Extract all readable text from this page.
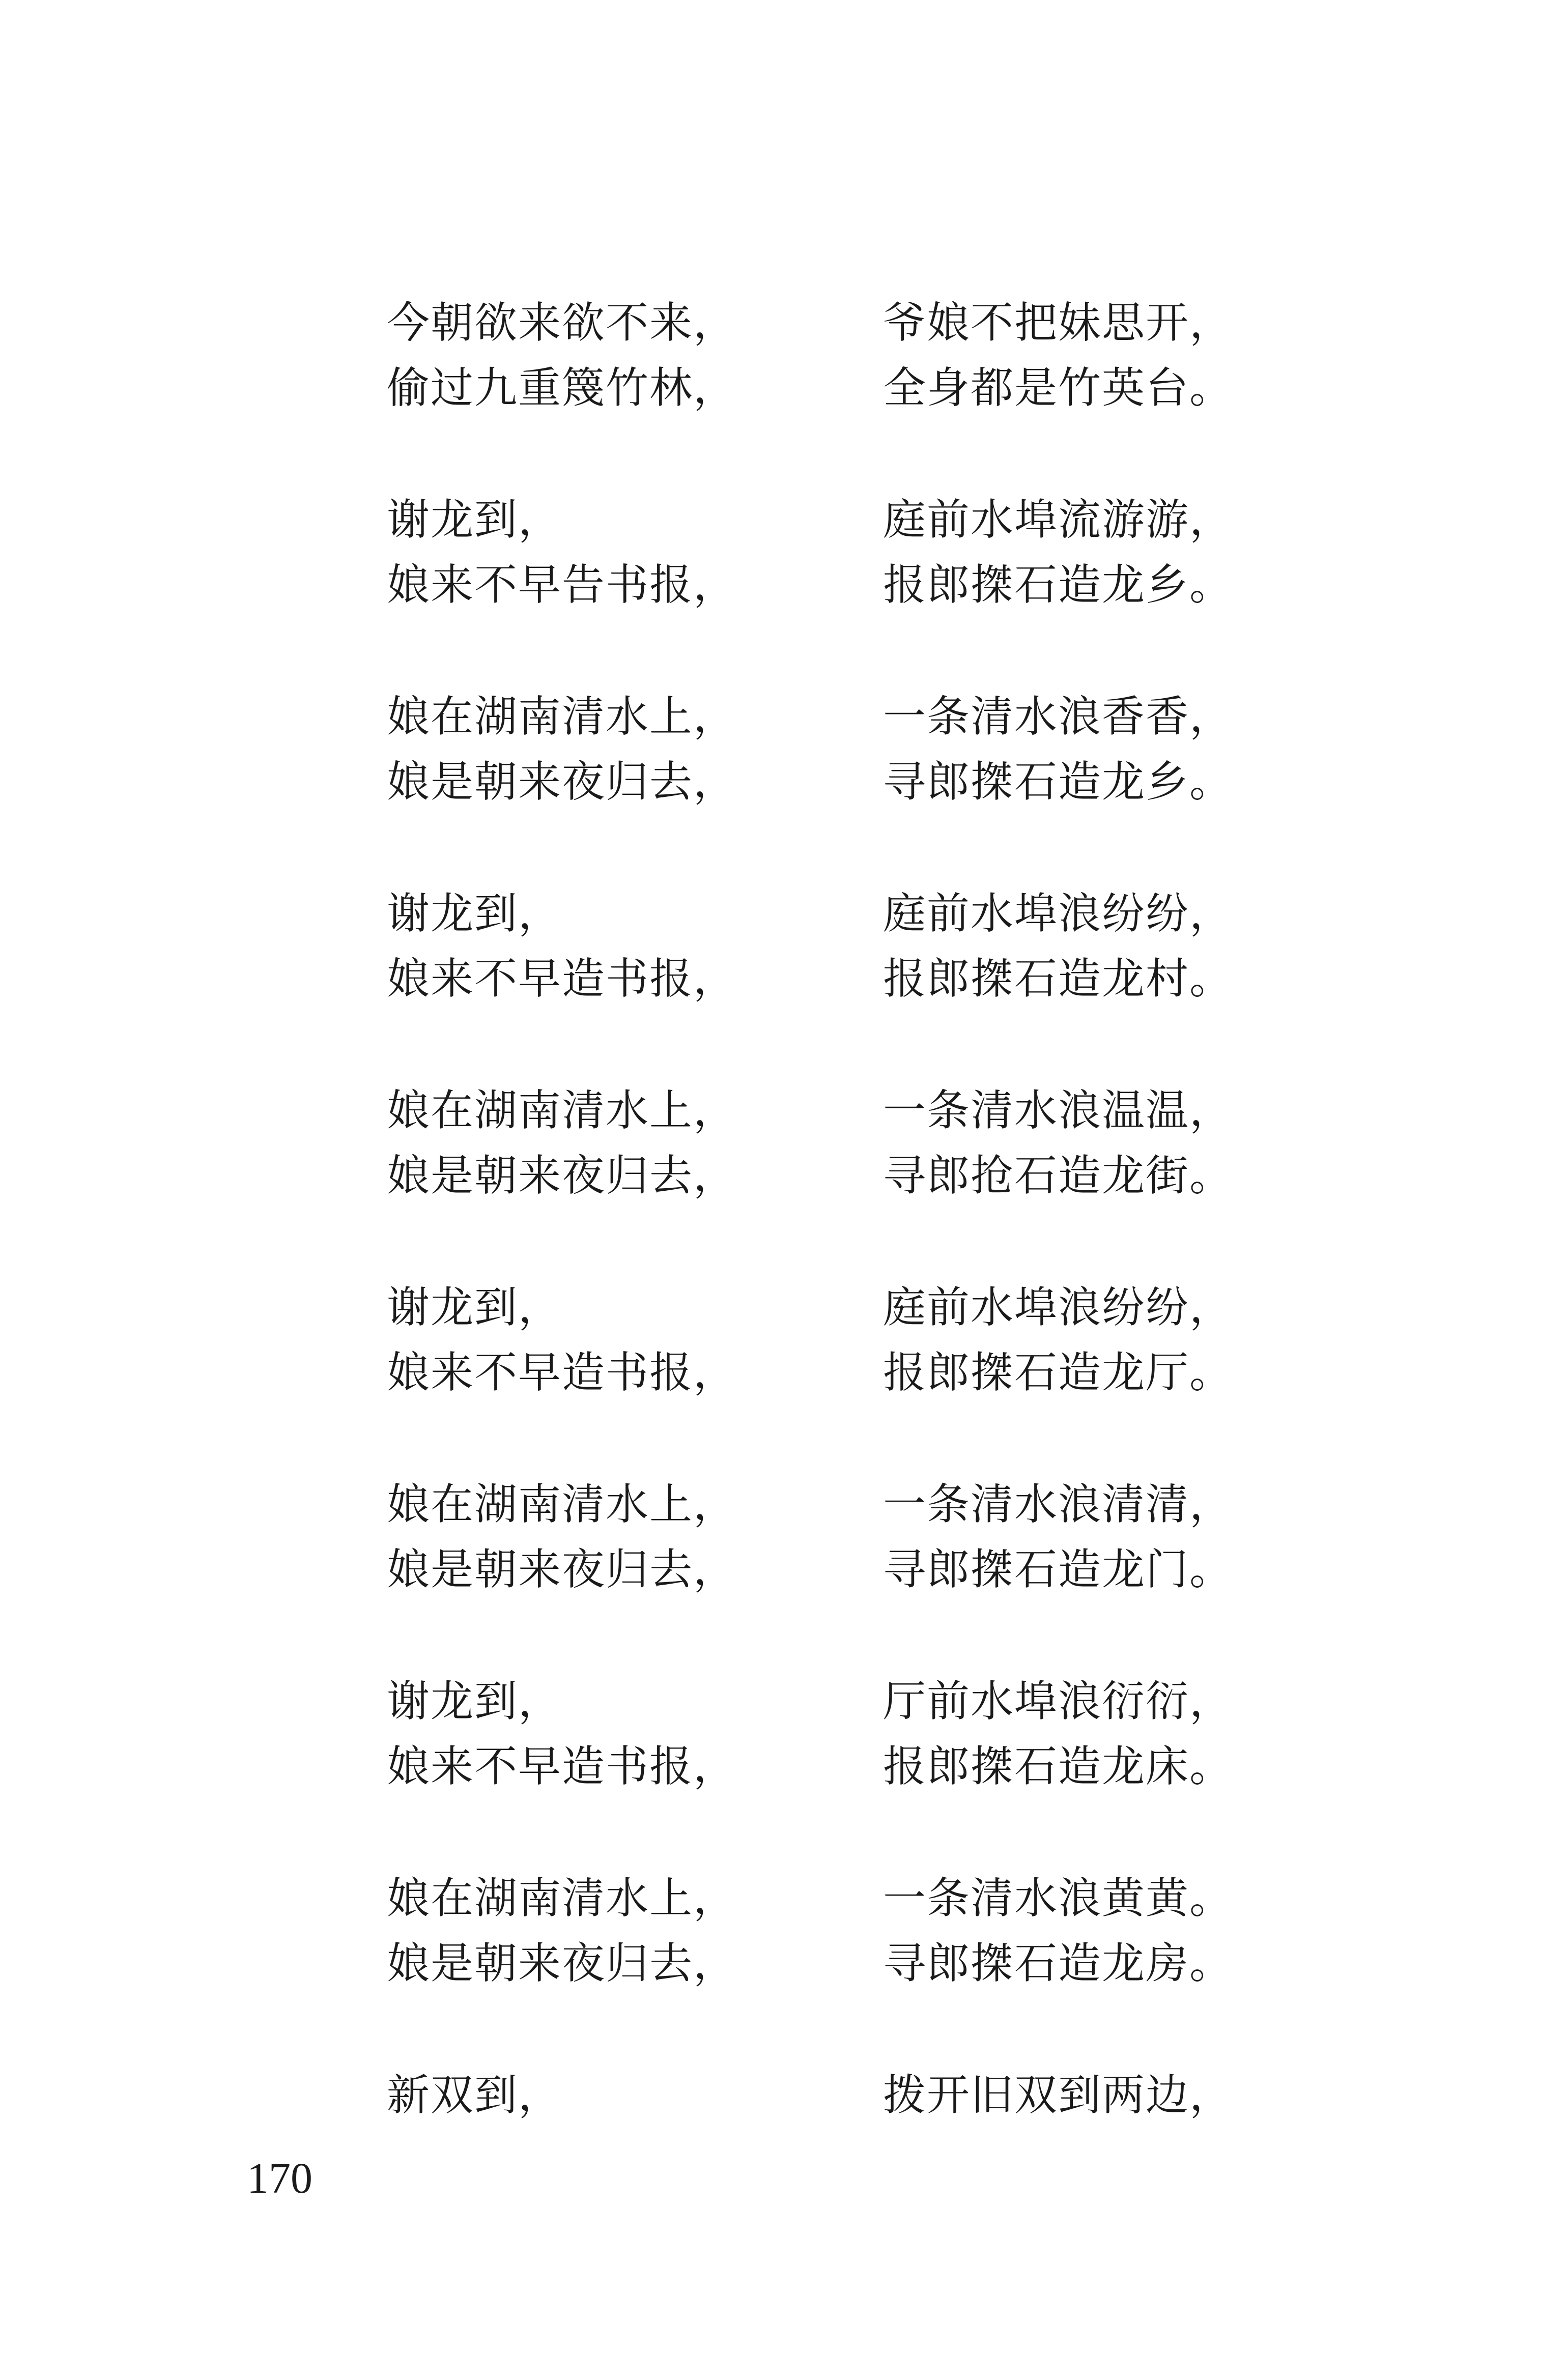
今朝欲来欲不来，	爷娘不把妹思开，
偷过九重篾竹林，	全身都是竹英台。
谢龙到，	庭前水埠流游游，
娘来不早告书报，	报郎搩石造龙乡。
娘在湖南清水上，	一条清水浪香香，
娘是朝来夜归去，	寻郎搩石造龙乡。
谢龙到，	庭前水埠浪纷纷，
娘来不早造书报，	报郎搩石造龙村。
娘在湖南清水上，	一条清水浪温温，
娘是朝来夜归去，	寻郎抢石造龙街。
谢龙到，	庭前水埠浪纷纷，
娘来不早造书报，	报郎搩石造龙厅。
娘在湖南清水上，	一条清水浪清清，
娘是朝来夜归去，	寻郎搩石造龙门。
谢龙到，	厅前水埠浪衍衍，
娘来不早造书报，	报郎搩石造龙床。
娘在湖南清水上，	一条清水浪黄黄。
娘是朝来夜归去，	寻郎搩石造龙房。
新双到，	拨开旧双到两边，
170
